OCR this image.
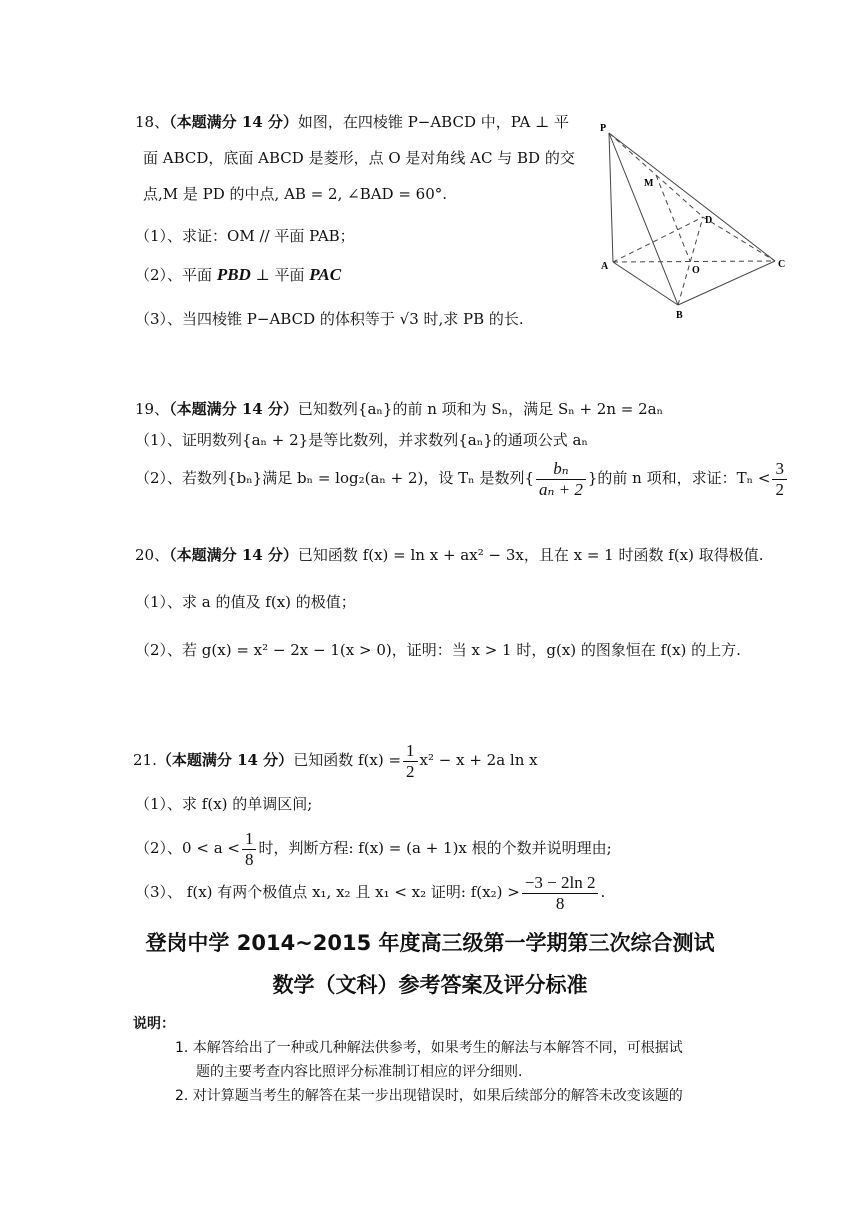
18、（本题满分 14 分）如图，在四棱锥 P−ABCD 中，PA ⊥ 平
面 ABCD，底面 ABCD 是菱形，点 O 是对角线 AC 与 BD 的交
点,M 是 PD 的中点, AB = 2, ∠BAD = 60°.
（1）、求证：OM // 平面 PAB；
（2）、平面 PBD ⊥ 平面 PAC
（3）、当四棱锥 P−ABCD 的体积等于 √3 时,求 PB 的长.
P
M
D
A	O
C
B
19、（本题满分 14 分）已知数列{aₙ}的前 n 项和为 Sₙ，满足 Sₙ + 2n = 2aₙ
（1）、证明数列{aₙ + 2}是等比数列，并求数列{aₙ}的通项公式 aₙ
（2）、若数列{bₙ}满足 bₙ = log₂(aₙ + 2)，设 Tₙ 是数列{ $\frac{\text{bₙ}}{\text{aₙ + 2}}$ }的前 n 项和，求证：$T_n < \frac{3}{2}$
20、（本题满分 14 分）已知函数 f(x) = ln x + ax² − 3x，且在 x = 1 时函数 f(x) 取得极值.
（1）、求 a 的值及 f(x) 的极值；
（2）、若 g(x) = x² − 2x − 1(x > 0)，证明：当 x > 1 时，g(x) 的图象恒在 f(x) 的上方.
21.（本题满分 14 分）已知函数 $f(x) = \frac{1}{2} x^2 - x + 2a$ ln x
（1）、求 f(x) 的单调区间;
（2）、$0 < a < \frac{1}{8}$ 时，判断方程: f(x) = (a + 1)x 根的个数并说明理由;
（3）、 f(x) 有两个极值点 x₁, x₂ 且 x₁ < x₂ 证明: $f(x_2) > \frac{-3 - 2\ln 2}{8}$ .
登岗中学 2014~2015 年度高三级第一学期第三次综合测试
数学（文科）参考答案及评分标准
说明：
1. 本解答给出了一种或几种解法供参考，如果考生的解法与本解答不同，可根据试
题的主要考查内容比照评分标准制订相应的评分细则.
2. 对计算题当考生的解答在某一步出现错误时，如果后续部分的解答未改变该题的
